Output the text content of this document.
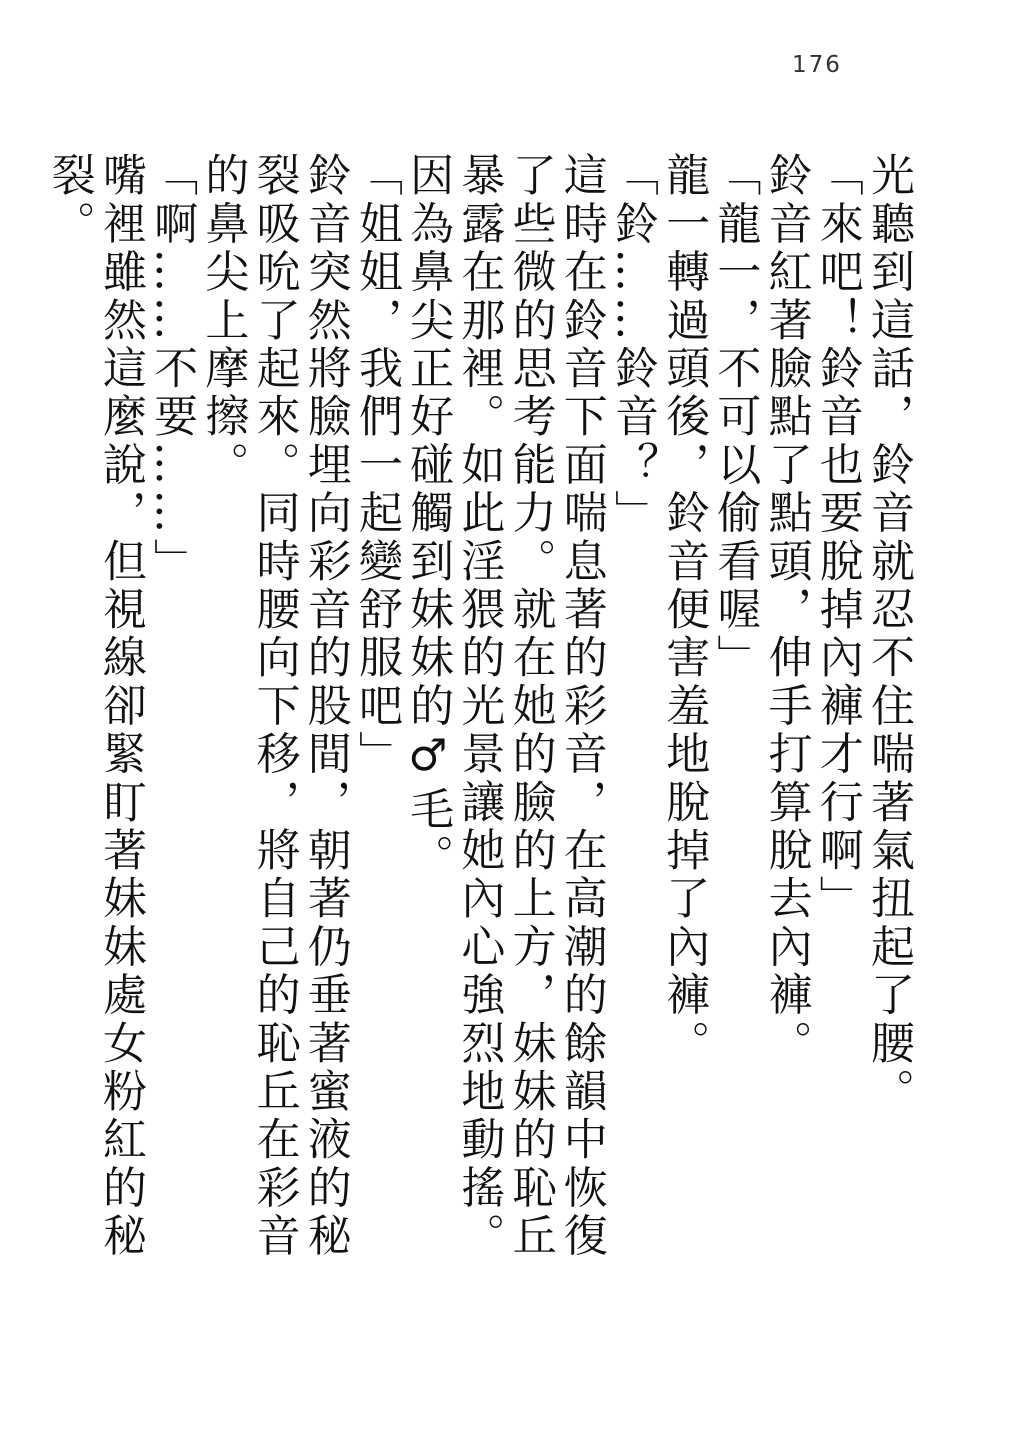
176

光聽到這話，鈴音就忍不住喘著氣扭起了腰。

「來吧！鈴音也要脫掉內褲才行啊」

鈴音紅著臉點了點頭，伸手打算脫去內褲。

「龍一，不可以偷看喔」

龍一轉過頭後，鈴音便害羞地脫掉了內褲。

「鈴……鈴音？」

這時在鈴音下面喘息著的彩音，在高潮的餘韻中恢復了些微的思考能力。就在她的臉的上方，妹妹的恥丘暴露在那裡。如此淫猥的光景讓她內心強烈地動搖。因為鼻尖正好碰觸到妹妹的♂毛。

「姐姐，我們一起變舒服吧」

鈴音突然將臉埋向彩音的股間，朝著仍垂著蜜液的秘裂吸吮了起來。同時腰向下移，將自己的恥丘在彩音的鼻尖上摩擦。

「啊……不要……」

嘴裡雖然這麼說，但視線卻緊盯著妹妹處女粉紅的秘裂。
